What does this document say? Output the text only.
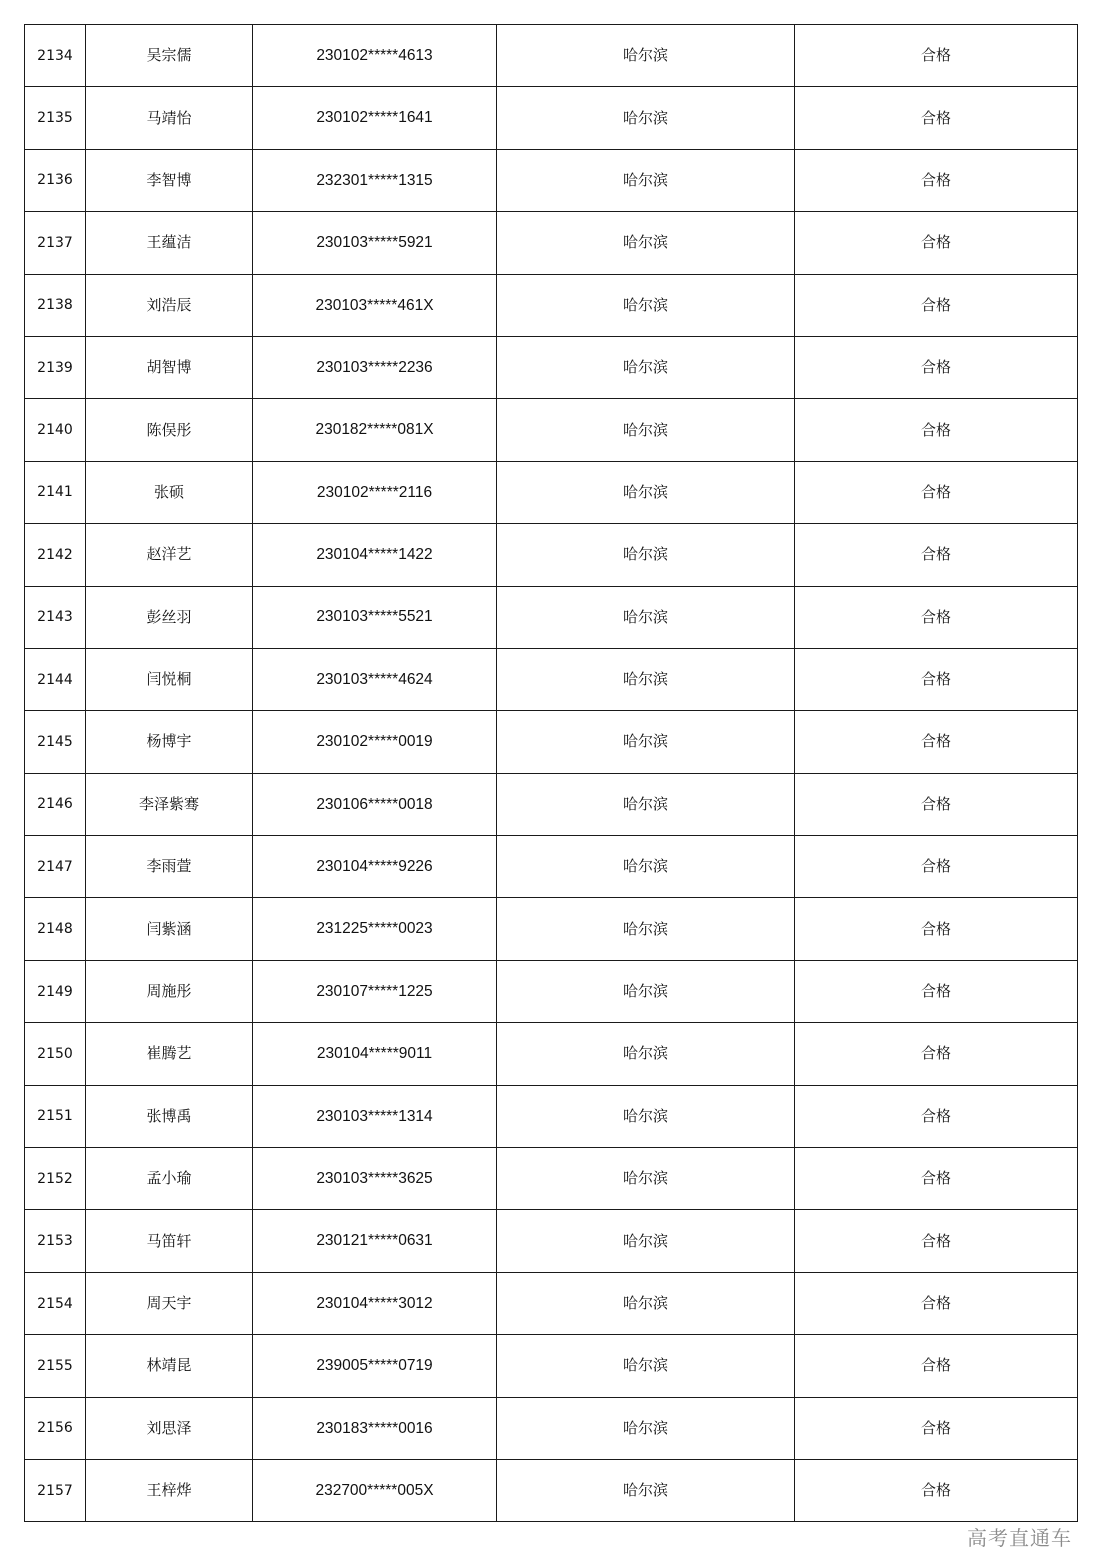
2134	吴宗儒	230102*****4613	哈尔滨	合格
2135	马靖怡	230102*****1641	哈尔滨	合格
2136	李智博	232301*****1315	哈尔滨	合格
2137	王蕴洁	230103*****5921	哈尔滨	合格
2138	刘浩辰	230103*****461X	哈尔滨	合格
2139	胡智博	230103*****2236	哈尔滨	合格
2140	陈俣彤	230182*****081X	哈尔滨	合格
2141	张硕	230102*****2116	哈尔滨	合格
2142	赵洋艺	230104*****1422	哈尔滨	合格
2143	彭丝羽	230103*****5521	哈尔滨	合格
2144	闫悦桐	230103*****4624	哈尔滨	合格
2145	杨博宇	230102*****0019	哈尔滨	合格
2146	李泽紫骞	230106*****0018	哈尔滨	合格
2147	李雨萱	230104*****9226	哈尔滨	合格
2148	闫紫涵	231225*****0023	哈尔滨	合格
2149	周施彤	230107*****1225	哈尔滨	合格
2150	崔腾艺	230104*****9011	哈尔滨	合格
2151	张博禹	230103*****1314	哈尔滨	合格
2152	孟小瑜	230103*****3625	哈尔滨	合格
2153	马笛轩	230121*****0631	哈尔滨	合格
2154	周天宇	230104*****3012	哈尔滨	合格
2155	林靖昆	239005*****0719	哈尔滨	合格
2156	刘思泽	230183*****0016	哈尔滨	合格
2157	王梓烨	232700*****005X	哈尔滨	合格
高考直通车
